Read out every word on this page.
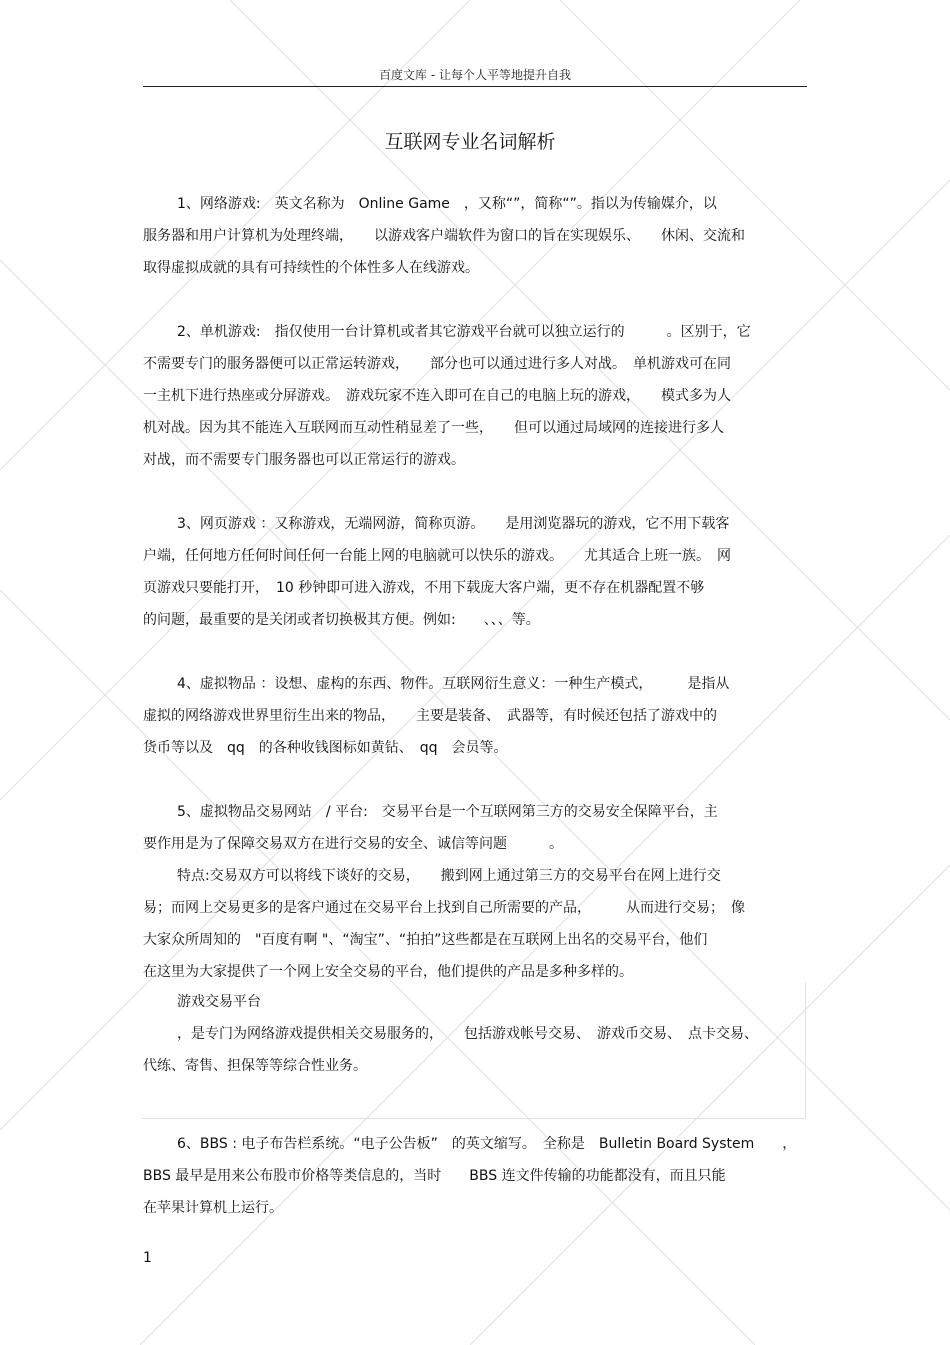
百度文库 - 让每个人平等地提升自我
互联网专业名词解析
1、网络游戏:　英文名称为　Online Game　，又称“”，简称“”。指以为传输媒介，以
服务器和用户计算机为处理终端，　　以游戏客户端软件为窗口的旨在实现娱乐、　　休闲、交流和
取得虚拟成就的具有可持续性的个体性多人在线游戏。
2、单机游戏:　指仅使用一台计算机或者其它游戏平台就可以独立运行的　　　。区别于，它
不需要专门的服务器便可以正常运转游戏，　　部分也可以通过进行多人对战。　单机游戏可在同
一主机下进行热座或分屏游戏。　游戏玩家不连入即可在自己的电脑上玩的游戏，　　模式多为人
机对战。因为其不能连入互联网而互动性稍显差了一些，　　但可以通过局域网的连接进行多人
对战，而不需要专门服务器也可以正常运行的游戏。
3、网页游戏 ：又称游戏，无端网游，简称页游。　　是用浏览器玩的游戏，它不用下载客
户端，任何地方任何时间任何一台能上网的电脑就可以快乐的游戏。　　尤其适合上班一族。　网
页游戏只要能打开，　10 秒钟即可进入游戏，不用下载庞大客户端，更不存在机器配置不够
的问题，最重要的是关闭或者切换极其方便。例如:　　、、、等。
4、虚拟物品 ：设想、虚构的东西、物件。互联网衍生意义：一种生产模式，　　　是指从
虚拟的网络游戏世界里衍生出来的物品，　　主要是装备、　武器等，有时候还包括了游戏中的
货币等以及　qq　的各种收钱图标如黄钻、　qq　会员等。
5、虚拟物品交易网站　/ 平台:　交易平台是一个互联网第三方的交易安全保障平台，主
要作用是为了保障交易双方在进行交易的安全、诚信等问题　　　。
特点:交易双方可以将线下谈好的交易，　　搬到网上通过第三方的交易平台在网上进行交
易；而网上交易更多的是客户通过在交易平台上找到自己所需要的产品，　　　从而进行交易；　像
大家众所周知的　"百度有啊 "、“淘宝”、“拍拍”这些都是在互联网上出名的交易平台，他们
在这里为大家提供了一个网上安全交易的平台，他们提供的产品是多种多样的。
游戏交易平台
，是专门为网络游戏提供相关交易服务的，　　包括游戏帐号交易、　游戏币交易、　点卡交易、
代练、寄售、担保等等综合性业务。
6、BBS : 电子布告栏系统。“电子公告板”　的英文缩写。　全称是　Bulletin Board System　　，
BBS 最早是用来公布股市价格等类信息的，当时　　BBS 连文件传输的功能都没有，而且只能
在苹果计算机上运行。
1
